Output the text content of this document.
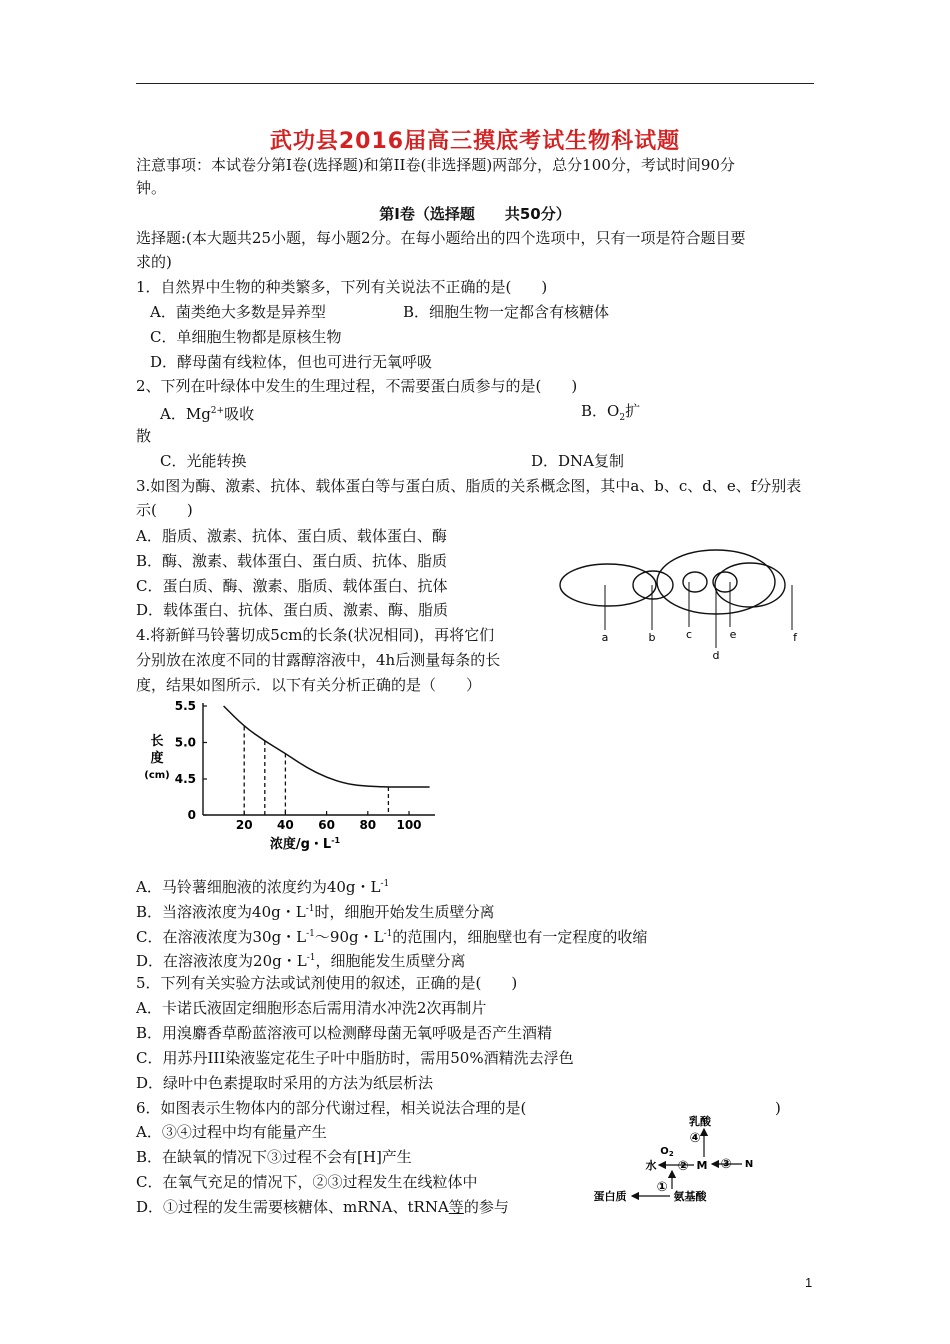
武功县2016届高三摸底考试生物科试题
注意事项：本试卷分第Ⅰ卷(选择题)和第II卷(非选择题)两部分，总分100分，考试时间90分
钟。
第Ⅰ卷（选择题　　共50分）
选择题:(本大题共25小题，每小题2分。在每小题给出的四个选项中，只有一项是符合题目要
求的)
1．自然界中生物的种类繁多，下列有关说法不正确的是(　　)
A．菌类绝大多数是异养型	B．细胞生物一定都含有核糖体
C．单细胞生物都是原核生物
D．酵母菌有线粒体，但也可进行无氧呼吸
2、下列在叶绿体中发生的生理过程，不需要蛋白质参与的是(　　)
A．$Mg^{2+}$吸收	B．$O_2$扩
散
C．光能转换	D．DNA复制
3.如图为酶、激素、抗体、载体蛋白等与蛋白质、脂质的关系概念图，其中a、b、c、d、e、f分别表
示(　　)
A．脂质、激素、抗体、蛋白质、载体蛋白、酶
B．酶、激素、载体蛋白、蛋白质、抗体、脂质
C．蛋白质、酶、激素、脂质、载体蛋白、抗体
D．载体蛋白、抗体、蛋白质、激素、酶、脂质
a	b	c
d
e	f
4.将新鲜马铃薯切成5cm的长条(状况相同)，再将它们
分别放在浓度不同的甘露醇溶液中，4h后测量每条的长
度，结果如图所示．以下有关分析正确的是（　　）
5.5
5.0
4.5
0
20 40 60 80 100
长
度
(cm)
浓度/g・$L^{-1}$
A．马铃薯细胞液的浓度约为40g・$L^{-1}$
B．当溶液浓度为40g・$L^{-1}$时，细胞开始发生质壁分离
C．在溶液浓度为30g・$L^{-1}\sim 90g$・$L^{-1}$的范围内，细胞壁也有一定程度的收缩
D．在溶液浓度为20g・$L^{-1}$，细胞能发生质壁分离
5．下列有关实验方法或试剂使用的叙述，正确的是(　　)
A．卡诺氏液固定细胞形态后需用清水冲洗2次再制片
B．用溴麝香草酚蓝溶液可以检测酵母菌无氧呼吸是否产生酒精
C．用苏丹III染液鉴定花生子叶中脂肪时，需用50%酒精洗去浮色
D．绿叶中色素提取时采用的方法为纸层析法
6．如图表示生物体内的部分代谢过程，相关说法合理的是(	)
A．③④过程中均有能量产生
B．在缺氧的情况下③过程不会有[H]产生
C．在氧气充足的情况下，②③过程发生在线粒体中
D．①过程的发生需要核糖体、mRNA、tRNA等的参与
乳酸
④
$O_2$
水 ② M ③ N
①
蛋白质	氨基酸
1
